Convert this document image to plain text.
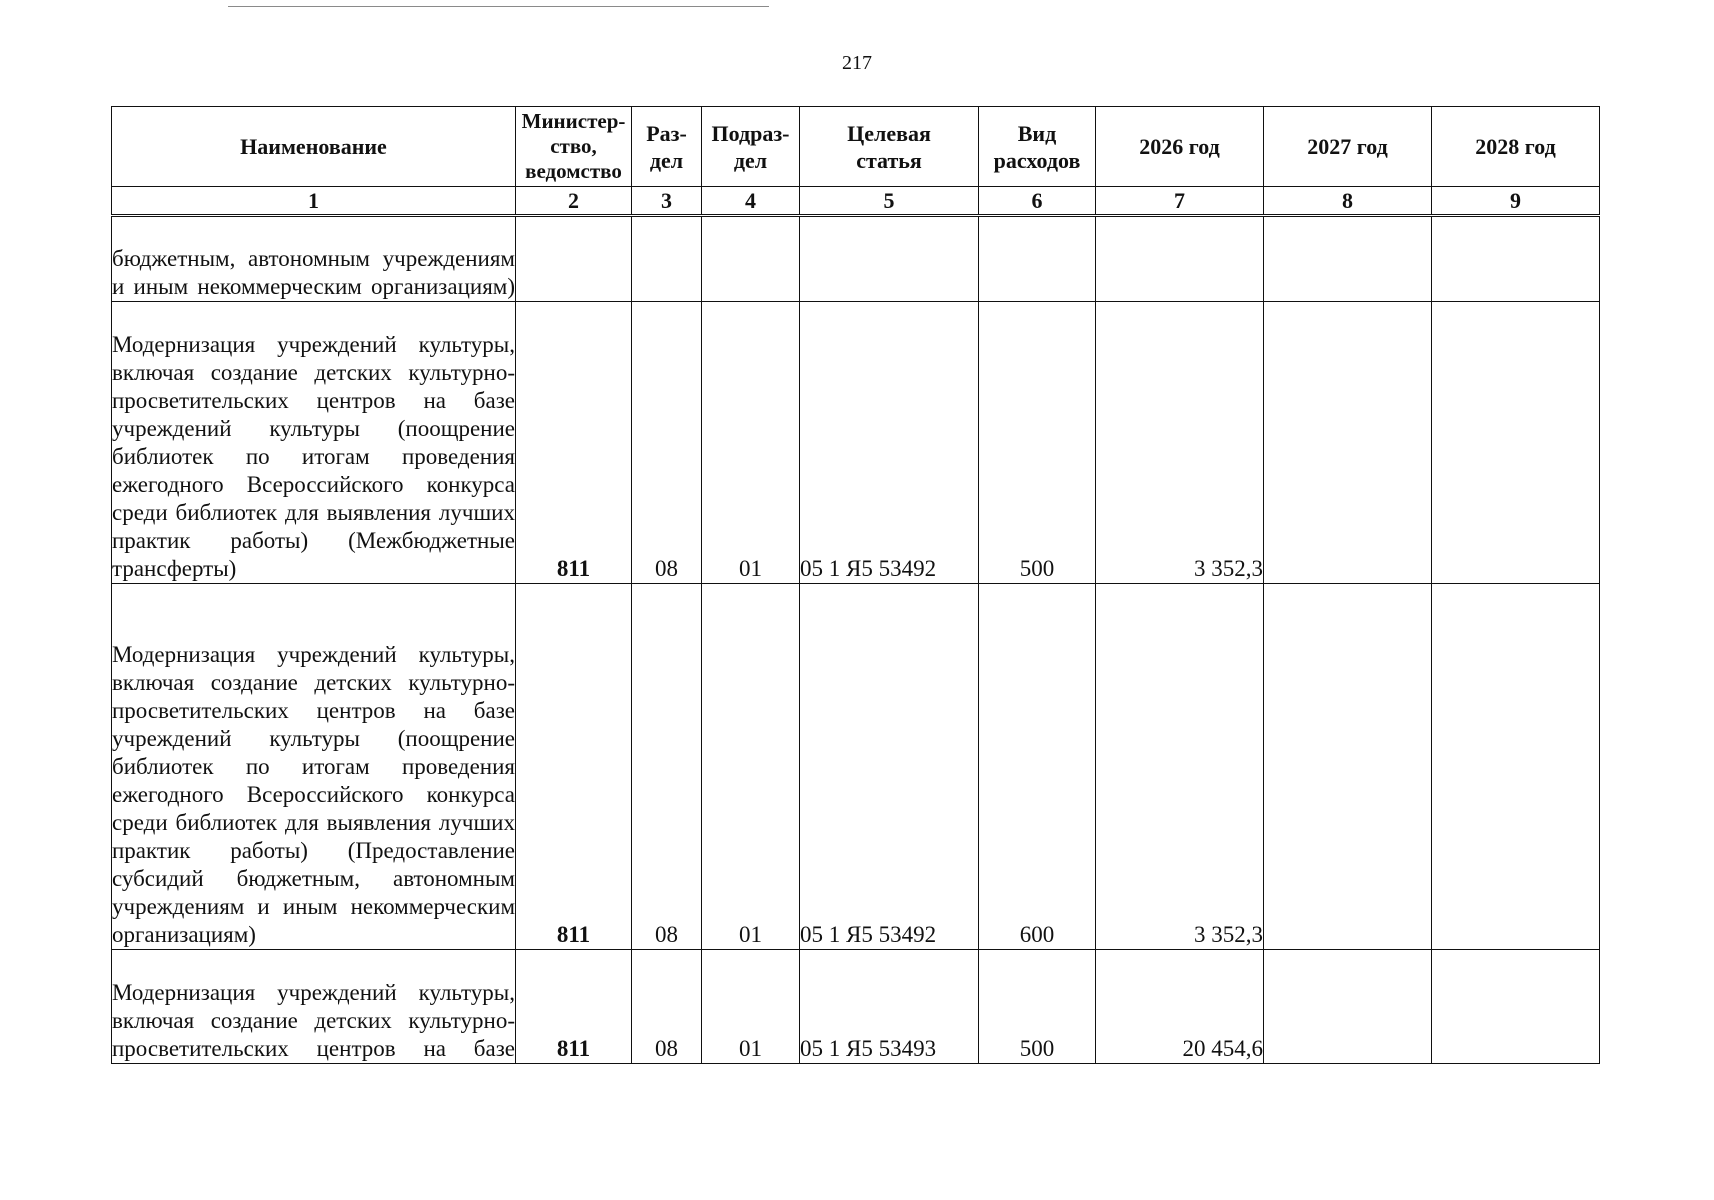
217
Наименование	Министер-ство, ведомство	Раз-дел	Подраз-дел	Целевая статья	Вид расходов	2026 год	2027 год	2028 год
1	2	3	4	5	6	7	8	9
бюджетным, автономным учреждениям и иным некоммерческим организациям)								
Модернизация учреждений культуры, включая создание детских культурно-просветительских центров на базе учреждений культуры (поощрение библиотек по итогам проведения ежегодного Всероссийского конкурса среди библиотек для выявления лучших практик работы) (Межбюджетные трансферты)	811	08	01	05 1 Я5 53492	500	3 352,3		
Модернизация учреждений культуры, включая создание детских культурно-просветительских центров на базе учреждений культуры (поощрение библиотек по итогам проведения ежегодного Всероссийского конкурса среди библиотек для выявления лучших практик работы) (Предоставление субсидий бюджетным, автономным учреждениям и иным некоммерческим организациям)	811	08	01	05 1 Я5 53492	600	3 352,3		
Модернизация учреждений культуры, включая создание детских культурно-просветительских центров на базе	811	08	01	05 1 Я5 53493	500	20 454,6		
